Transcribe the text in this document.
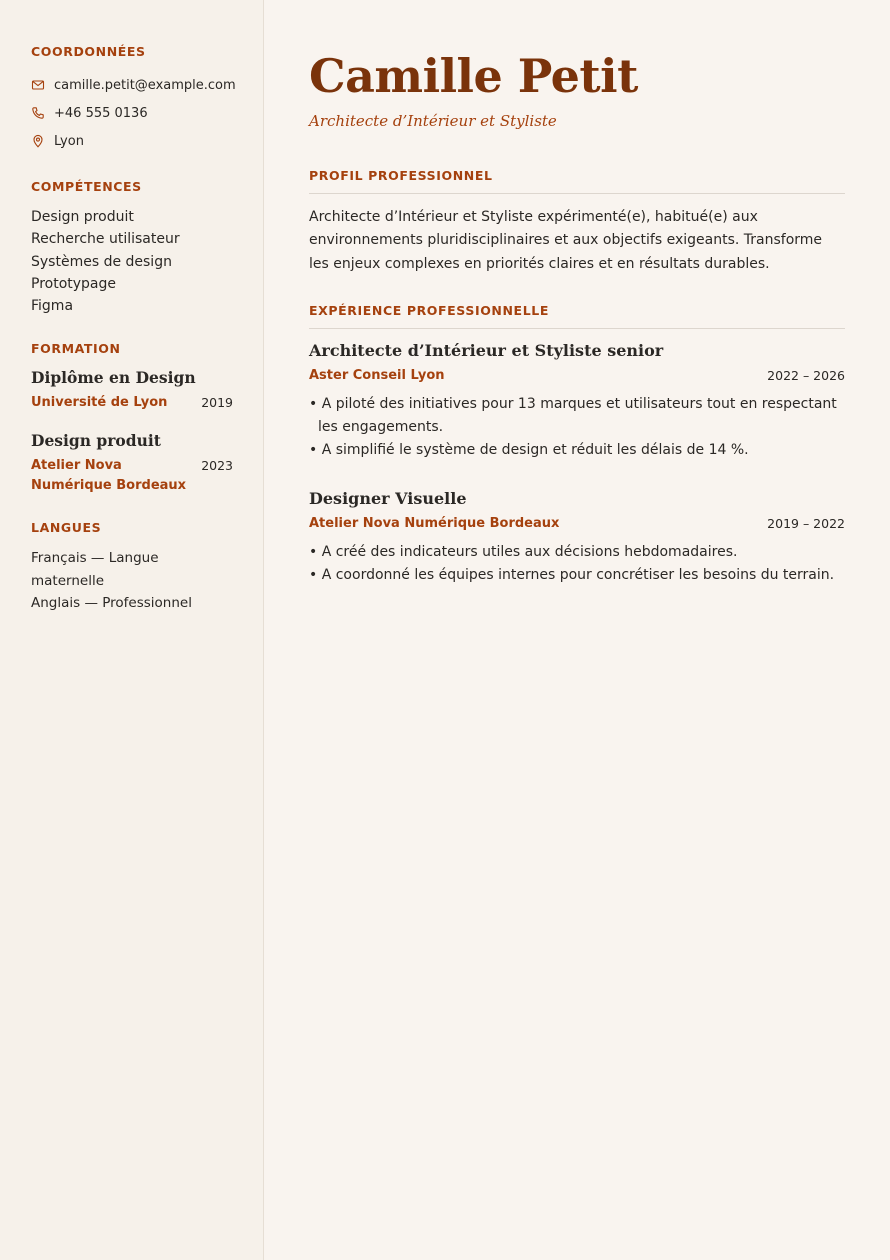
COORDONNÉES
camille.petit@example.com
+46 555 0136
Lyon
COMPÉTENCES
Design produit
Recherche utilisateur
Systèmes de design
Prototypage
Figma
FORMATION
Diplôme en Design
Université de Lyon	2019
Design produit
Atelier Nova Numérique Bordeaux
2023
LANGUES
Français — Langue maternelle
Anglais — Professionnel
Camille Petit
Architecte d’Intérieur et Styliste
PROFIL PROFESSIONNEL

Architecte d’Intérieur et Styliste expérimenté(e), habitué(e) aux environnements pluridisciplinaires et aux objectifs exigeants. Transforme les enjeux complexes en priorités claires et en résultats durables.

EXPÉRIENCE PROFESSIONNELLE
Architecte d’Intérieur et Styliste senior
Aster Conseil Lyon	2022 – 2026
• A piloté des initiatives pour 13 marques et utilisateurs tout en respectant les engagements.
• A simplifié le système de design et réduit les délais de 14 %.
Designer Visuelle
Atelier Nova Numérique Bordeaux	2019 – 2022
• A créé des indicateurs utiles aux décisions hebdomadaires.
• A coordonné les équipes internes pour concrétiser les besoins du terrain.
